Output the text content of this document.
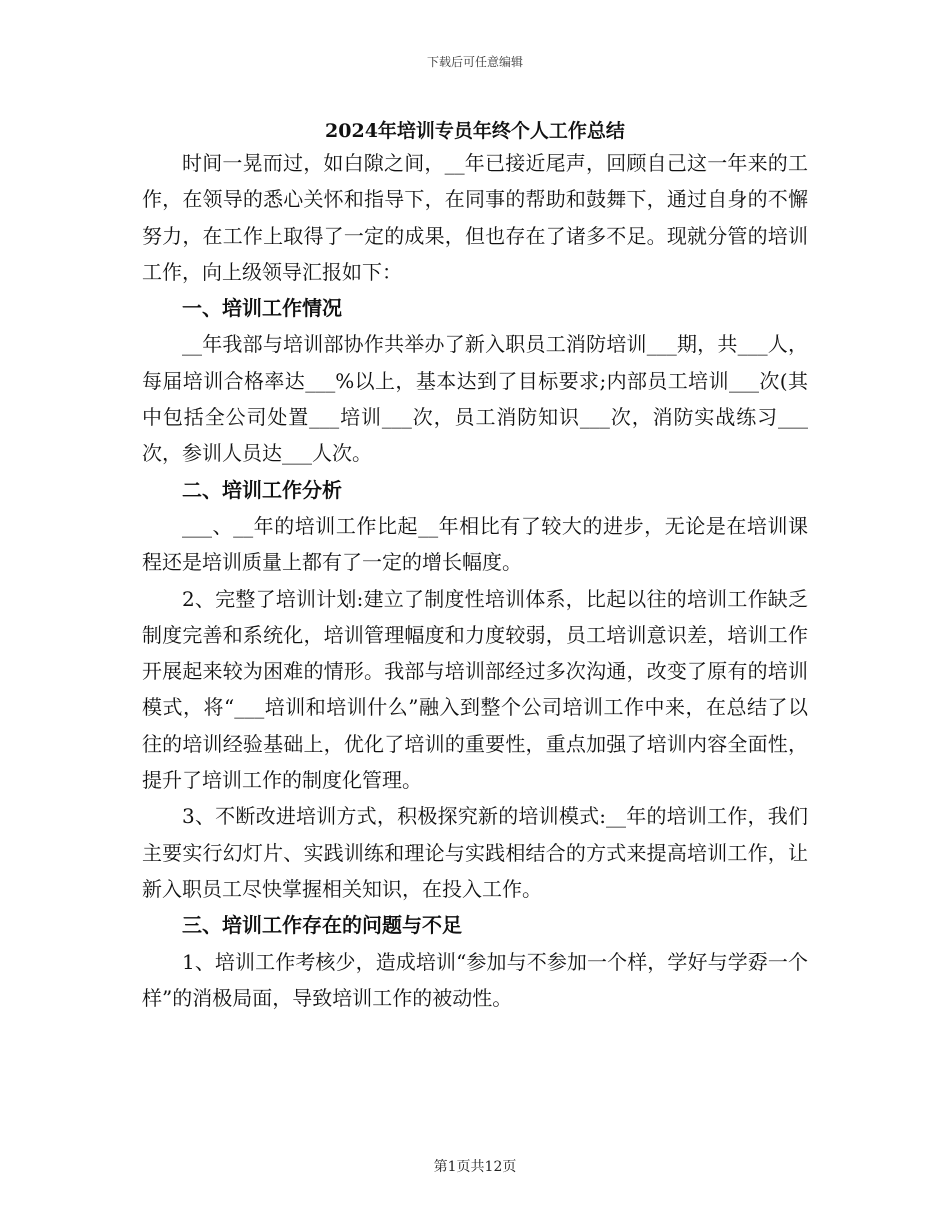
下载后可任意编辑
2024年培训专员年终个人工作总结

时间一晃而过，如白隙之间，__年已接近尾声，回顾自己这一年来的工作，在领导的悉心关怀和指导下，在同事的帮助和鼓舞下，通过自身的不懈努力，在工作上取得了一定的成果，但也存在了诸多不足。现就分管的培训工作，向上级领导汇报如下：

一、培训工作情况

__年我部与培训部协作共举办了新入职员工消防培训___期，共___人，每届培训合格率达___%以上，基本达到了目标要求;内部员工培训___次(其中包括全公司处置___培训___次，员工消防知识___次，消防实战练习___次，参训人员达___人次。

二、培训工作分析

___、__年的培训工作比起__年相比有了较大的进步，无论是在培训课程还是培训质量上都有了一定的增长幅度。

2、完整了培训计划:建立了制度性培训体系，比起以往的培训工作缺乏制度完善和系统化，培训管理幅度和力度较弱，员工培训意识差，培训工作开展起来较为困难的情形。我部与培训部经过多次沟通，改变了原有的培训模式，将“___培训和培训什么”融入到整个公司培训工作中来，在总结了以往的培训经验基础上，优化了培训的重要性，重点加强了培训内容全面性，提升了培训工作的制度化管理。

3、不断改进培训方式，积极探究新的培训模式:__年的培训工作，我们主要实行幻灯片、实践训练和理论与实践相结合的方式来提高培训工作，让新入职员工尽快掌握相关知识，在投入工作。

三、培训工作存在的问题与不足

1、培训工作考核少，造成培训“参加与不参加一个样，学好与学孬一个样”的消极局面，导致培训工作的被动性。

第1页共12页
